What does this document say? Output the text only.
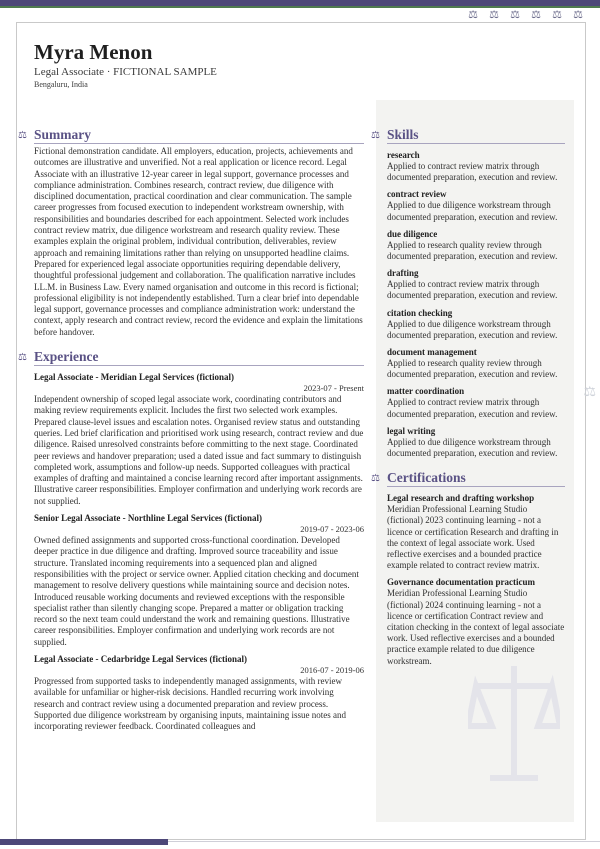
⚖ ⚖ ⚖ ⚖ ⚖ ⚖
⚖
Myra Menon
Legal Associate · FICTIONAL SAMPLE
Bengaluru, India
⚖ Summary

Fictional demonstration candidate. All employers, education, projects, achievements and outcomes are illustrative and unverified. Not a real application or licence record. Legal Associate with an illustrative 12-year career in legal support, governance processes and compliance administration. Combines research, contract review, due diligence with disciplined documentation, practical coordination and clear communication. The sample career progresses from focused execution to independent workstream ownership, with responsibilities and boundaries described for each appointment. Selected work includes contract review matrix, due diligence workstream and research quality review. These examples explain the original problem, individual contribution, deliverables, review approach and remaining limitations rather than relying on unsupported headline claims. Prepared for experienced legal associate opportunities requiring dependable delivery, thoughtful professional judgement and collaboration. The qualification narrative includes LL.M. in Business Law. Every named organisation and outcome in this record is fictional; professional eligibility is not independently established. Turn a clear brief into dependable legal support, governance processes and compliance administration work: understand the context, apply research and contract review, record the evidence and explain the limitations before handover.

⚖ Experience
Legal Associate - Meridian Legal Services (fictional)
2023-07 - Present

Independent ownership of scoped legal associate work, coordinating contributors and making review requirements explicit. Includes the first two selected work examples. Prepared clause-level issues and escalation notes. Organised review status and outstanding queries. Led brief clarification and prioritised work using research, contract review and due diligence. Raised unresolved constraints before committing to the next stage. Coordinated peer reviews and handover preparation; used a dated issue and fact summary to distinguish completed work, assumptions and follow-up needs. Supported colleagues with practical examples of drafting and maintained a concise learning record after important assignments. Illustrative career responsibilities. Employer confirmation and underlying work records are not supplied.

Senior Legal Associate - Northline Legal Services (fictional)
2019-07 - 2023-06

Owned defined assignments and supported cross-functional coordination. Developed deeper practice in due diligence and drafting. Improved source traceability and issue structure. Translated incoming requirements into a sequenced plan and aligned responsibilities with the project or service owner. Applied citation checking and document management to resolve delivery questions while maintaining source and decision notes. Introduced reusable working documents and reviewed exceptions with the responsible specialist rather than silently changing scope. Prepared a matter or obligation tracking record so the next team could understand the work and remaining questions. Illustrative career responsibilities. Employer confirmation and underlying work records are not supplied.

Legal Associate - Cedarbridge Legal Services (fictional)
2016-07 - 2019-06

Progressed from supported tasks to independently managed assignments, with review available for unfamiliar or higher-risk decisions. Handled recurring work involving research and contract review using a documented preparation and review process. Supported due diligence workstream by organising inputs, maintaining issue notes and incorporating reviewer feedback. Coordinated colleagues and

⚖ Skills
research
Applied to contract review matrix through documented preparation, execution and review.
contract review
Applied to due diligence workstream through documented preparation, execution and review.
due diligence
Applied to research quality review through documented preparation, execution and review.
drafting
Applied to contract review matrix through documented preparation, execution and review.
citation checking
Applied to due diligence workstream through documented preparation, execution and review.
document management
Applied to research quality review through documented preparation, execution and review.
matter coordination
Applied to contract review matrix through documented preparation, execution and review.
legal writing
Applied to due diligence workstream through documented preparation, execution and review.
⚖ Certifications
Legal research and drafting workshop
Meridian Professional Learning Studio (fictional) 2023 continuing learning - not a licence or certification Research and drafting in the context of legal associate work. Used reflective exercises and a bounded practice example related to contract review matrix.
Governance documentation practicum
Meridian Professional Learning Studio (fictional) 2024 continuing learning - not a licence or certification Contract review and citation checking in the context of legal associate work. Used reflective exercises and a bounded practice example related to due diligence workstream.
